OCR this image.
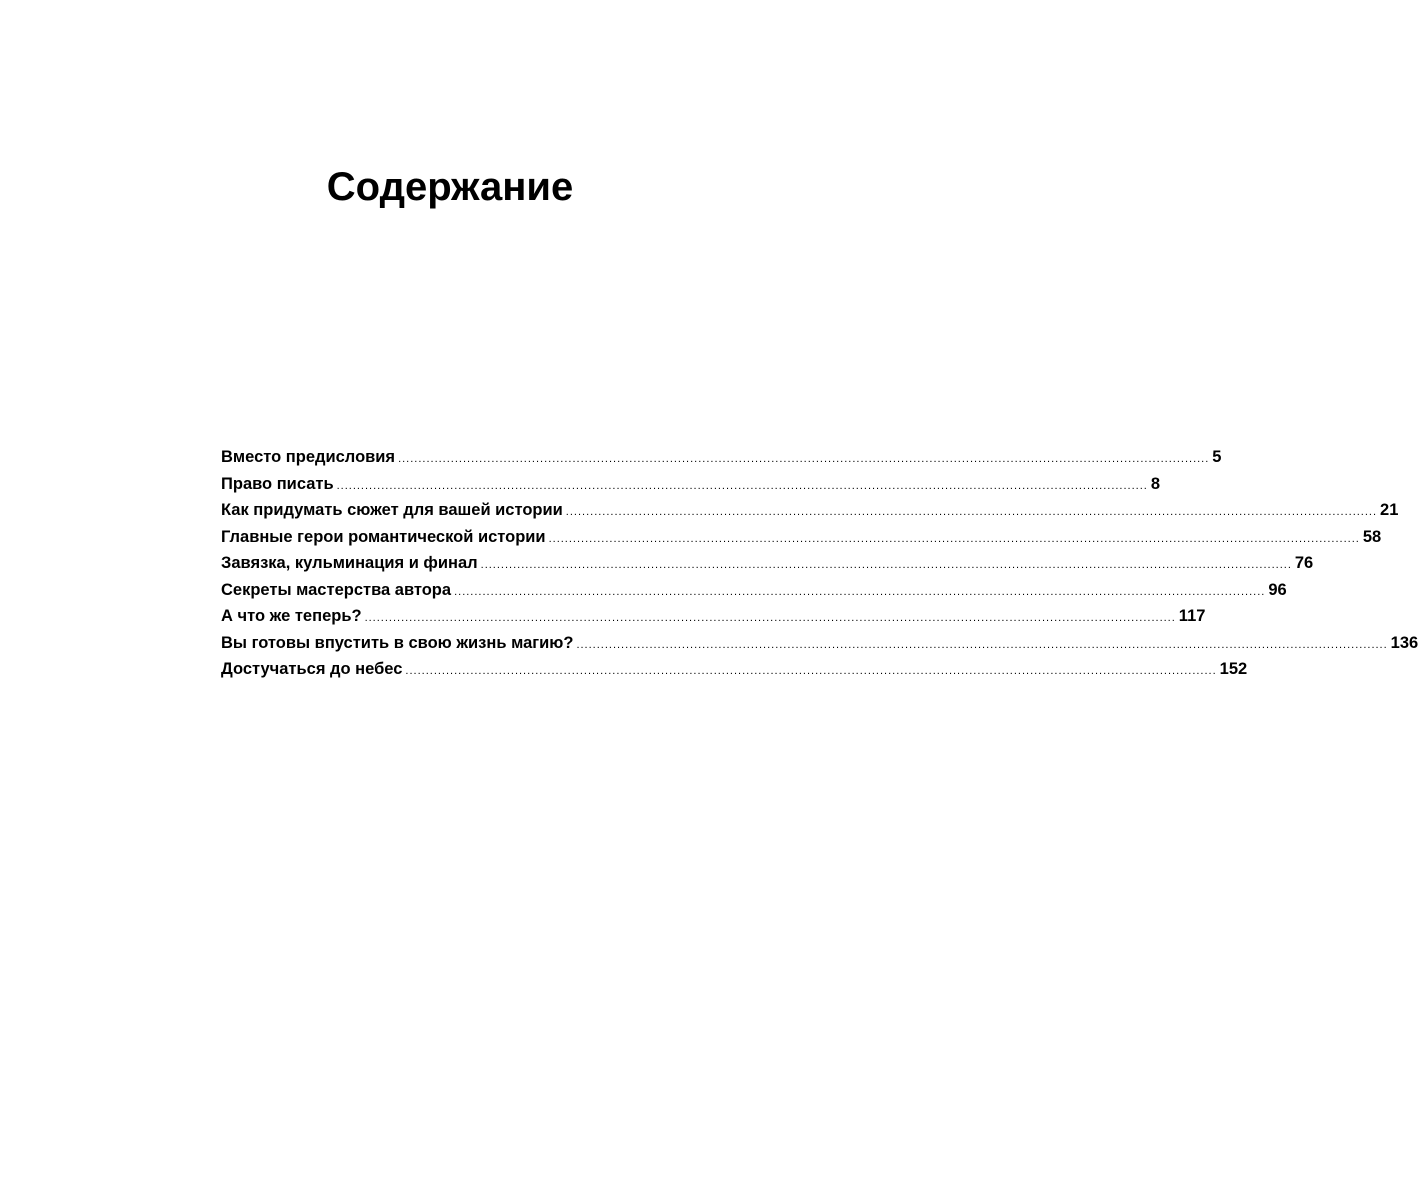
Содержание
Вместо предисловия ........................................................................................................................................................................................................ 5
Право писать ........................................................................................................................................................................................................ 8
Как придумать сюжет для вашей истории ........................................................................................................................................................................................................ 21
Главные герои романтической истории ........................................................................................................................................................................................................ 58
Завязка, кульминация и финал ........................................................................................................................................................................................................ 76
Секреты мастерства автора ........................................................................................................................................................................................................ 96
А что же теперь? ........................................................................................................................................................................................................ 117
Вы готовы впустить в свою жизнь магию? ........................................................................................................................................................................................................ 136
Достучаться до небес ........................................................................................................................................................................................................ 152
